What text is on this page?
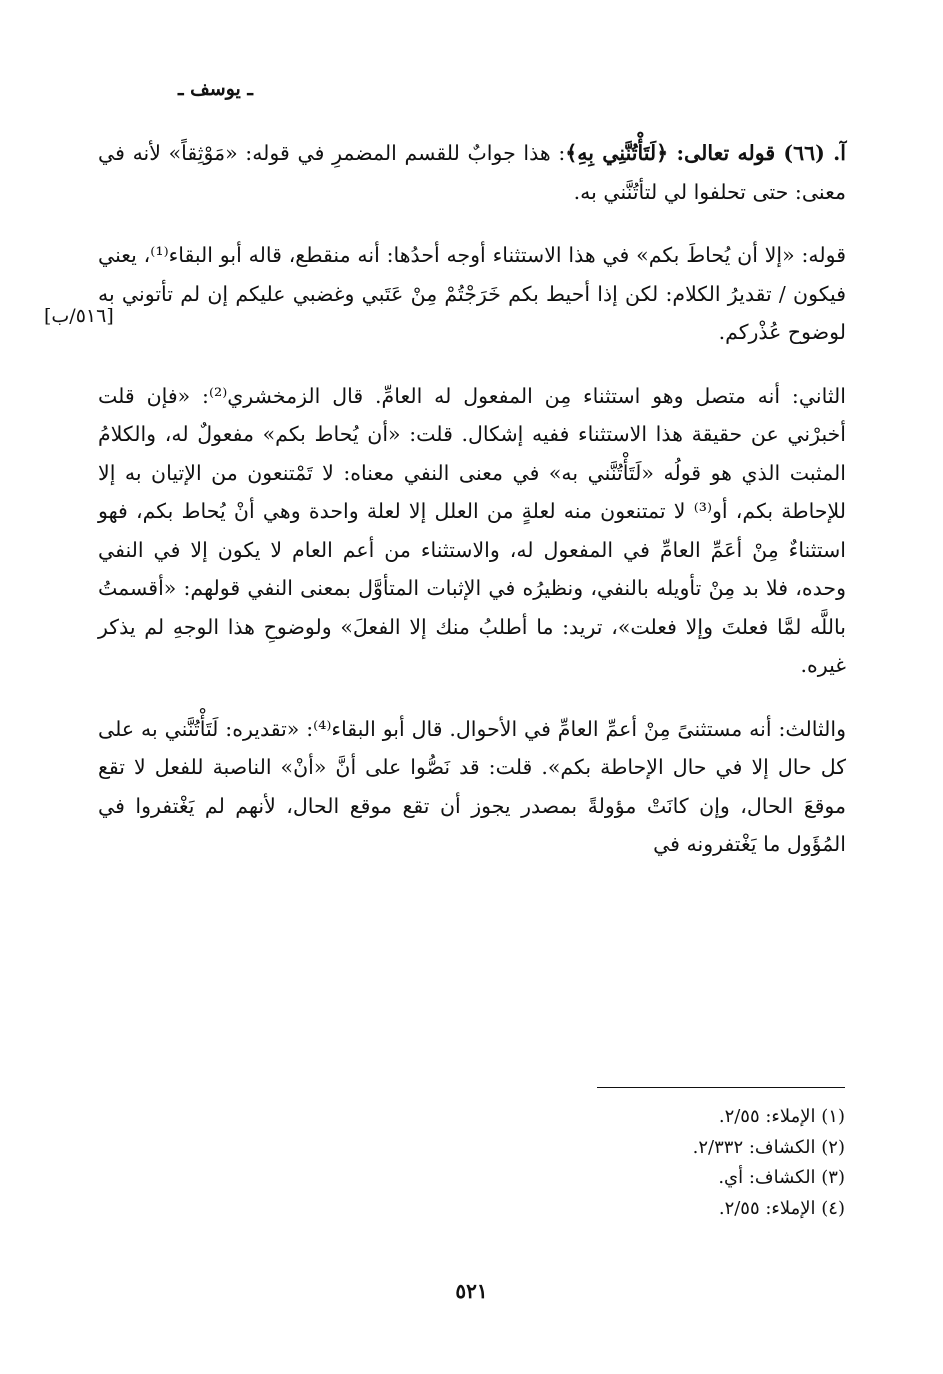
ـ يوسف ـ
[٥١٦/ب]

آ. (٦٦) قوله تعالى: ﴿لَتَأْتُنَّنِي بِهِ﴾: هذا جوابٌ للقسم المضمرِ في قوله: «مَوْثِقاً» لأنه في معنى: حتى تحلفوا لي لتأتُنَّني به.

قوله: «إلا أن يُحاطَ بكم» في هذا الاستثناء أوجه أحدُها: أنه منقطع، قاله أبو البقاء⁽¹⁾، يعني فيكون / تقديرُ الكلام: لكن إذا أحيط بكم خَرَجْتُمْ مِنْ عَتَبي وغضبي عليكم إن لم تأتوني به لوضوح عُذْركم.

الثاني: أنه متصل وهو استثناء مِن المفعول له العامِّ. قال الزمخشري⁽²⁾: «فإن قلت أخبرْني عن حقيقة هذا الاستثناء ففيه إشكال. قلت: «أن يُحاط بكم» مفعولٌ له، والكلامُ المثبت الذي هو قولُه «لَتَأْتُنَّني به» في معنى النفي معناه: لا تَمْتنعون من الإتيان به إلا للإحاطة بكم، أو⁽³⁾ لا تمتنعون منه لعلةٍ من العلل إلا لعلة واحدة وهي أنْ يُحاط بكم، فهو استثناءٌ مِنْ أعَمِّ العامِّ في المفعول له، والاستثناء من أعم العام لا يكون إلا في النفي وحده، فلا بد مِنْ تأويله بالنفي، ونظيرُه في الإثبات المتأوَّل بمعنى النفي قولهم: «أقسمتُ باللَّه لمَّا فعلتَ وإلا فعلت»، تريد: ما أطلبُ منك إلا الفعلَ» ولوضوحِ هذا الوجهِ لم يذكر غيره.

والثالث: أنه مستثنىً مِنْ أعمِّ العامِّ في الأحوال. قال أبو البقاء⁽⁴⁾: «تقديره: لَتَأْتُنَّني به على كل حال إلا في حال الإحاطة بكم». قلت: قد نَصُّوا على أنَّ «أنْ» الناصبة للفعل لا تقع موقعَ الحال، وإن كانَتْ مؤولةً بمصدر يجوز أن تقع موقع الحال، لأنهم لم يَغْتفروا في المُؤَول ما يَغْتفرونه في

(١) الإملاء: ٢/٥٥.
(٢) الكشاف: ٢/٣٣٢.
(٣) الكشاف: أي.
(٤) الإملاء: ٢/٥٥.
٥٢١
